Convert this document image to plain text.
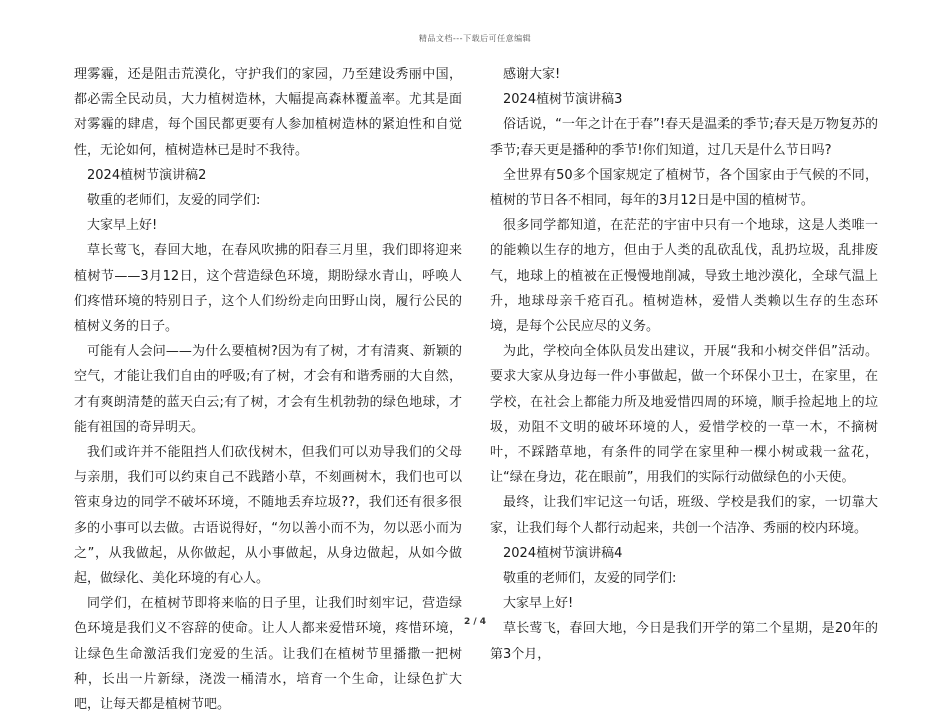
精品文档---下载后可任意编辑

理雾霾，还是阻击荒漠化，守护我们的家园，乃至建设秀丽中国，都必需全民动员，大力植树造林，大幅提高森林覆盖率。尤其是面对雾霾的肆虐，每个国民都更要有人参加植树造林的紧迫性和自觉性，无论如何，植树造林已是时不我待。

2024植树节演讲稿2

敬重的老师们，友爱的同学们:

大家早上好!

草长莺飞，春回大地，在春风吹拂的阳春三月里，我们即将迎来植树节——3月12日，这个营造绿色环境，期盼绿水青山，呼唤人们疼惜环境的特别日子，这个人们纷纷走向田野山岗，履行公民的植树义务的日子。

可能有人会问——为什么要植树?因为有了树，才有清爽、新颖的空气，才能让我们自由的呼吸;有了树，才会有和谐秀丽的大自然，才有爽朗清楚的蓝天白云;有了树，才会有生机勃勃的绿色地球，才能有祖国的奇异明天。

我们或许并不能阻挡人们砍伐树木，但我们可以劝导我们的父母与亲朋，我们可以约束自己不践踏小草，不刻画树木，我们也可以管束身边的同学不破坏环境，不随地丢弃垃圾??，我们还有很多很多的小事可以去做。古语说得好，“勿以善小而不为，勿以恶小而为之”，从我做起，从你做起，从小事做起，从身边做起，从如今做起，做绿化、美化环境的有心人。

同学们，在植树节即将来临的日子里，让我们时刻牢记，营造绿色环境是我们义不容辞的使命。让人人都来爱惜环境，疼惜环境，让绿色生命激活我们宠爱的生活。让我们在植树节里播撒一把树种，长出一片新绿，浇泼一桶清水，培育一个生命，让绿色扩大吧，让每天都是植树节吧。

感谢大家!

2024植树节演讲稿3

俗话说，“一年之计在于春”!春天是温柔的季节;春天是万物复苏的季节;春天更是播种的季节!你们知道，过几天是什么节日吗?

全世界有50多个国家规定了植树节，各个国家由于气候的不同，植树的节日各不相同，每年的3月12日是中国的植树节。

很多同学都知道，在茫茫的宇宙中只有一个地球，这是人类唯一的能赖以生存的地方，但由于人类的乱砍乱伐，乱扔垃圾，乱排废气，地球上的植被在正慢慢地削减，导致土地沙漠化，全球气温上升，地球母亲千疮百孔。植树造林，爱惜人类赖以生存的生态环境，是每个公民应尽的义务。

为此，学校向全体队员发出建议，开展“我和小树交伴侣”活动。要求大家从身边每一件小事做起，做一个环保小卫士，在家里，在学校，在社会上都能力所及地爱惜四周的环境，顺手捡起地上的垃圾，劝阻不文明的破坏环境的人，爱惜学校的一草一木，不摘树叶，不踩踏草地，有条件的同学在家里种一棵小树或栽一盆花，让“绿在身边，花在眼前”，用我们的实际行动做绿色的小天使。

最终，让我们牢记这一句话，班级、学校是我们的家，一切靠大家，让我们每个人都行动起来，共创一个洁净、秀丽的校内环境。

2024植树节演讲稿4

敬重的老师们，友爱的同学们:

大家早上好!

草长莺飞，春回大地，今日是我们开学的第二个星期，是20年的第3个月，

2 / 4
